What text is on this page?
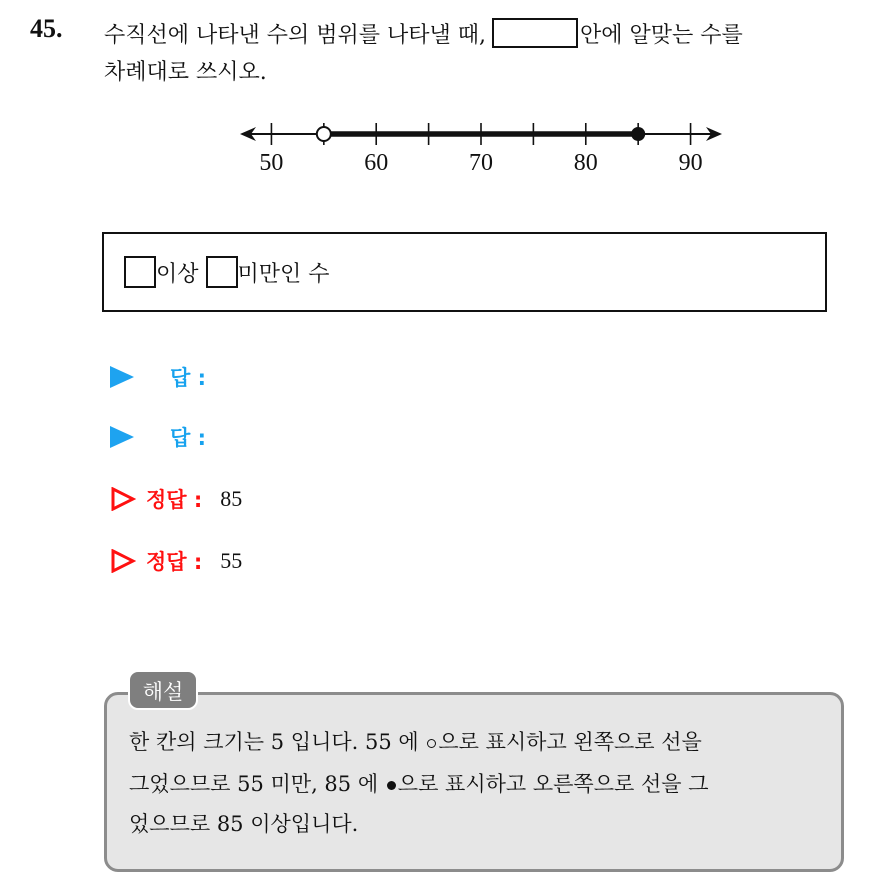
45. 수직선에 나타낸 수의 범위를 나타낼 때,	안에 알맞는 수를
차례대로 쓰시오.
50	60	70	80	90
이상 미만인 수
답 :
답 :
정답 : 85
정답 : 55
한 칸의 크기는 5 입니다. 55 에 으로 표시하고 왼쪽으로 선을
그었으므로 55 미만, 85 에 으로 표시하고 오른쪽으로 선을 그
었으므로 85 이상입니다.
해설
